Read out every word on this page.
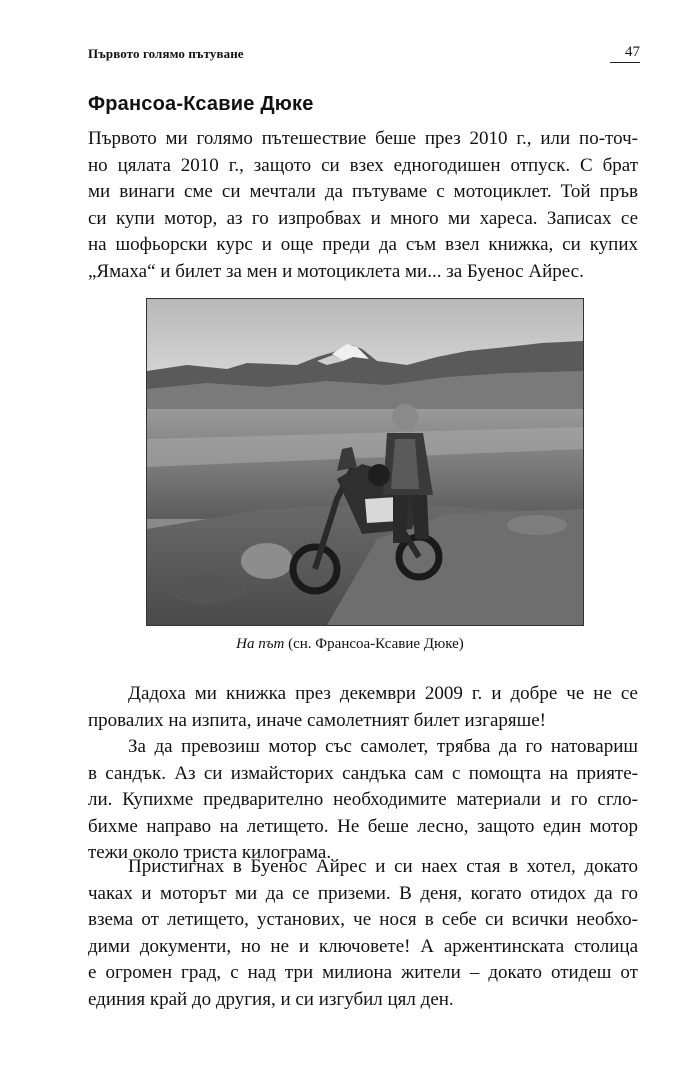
Първото голямо пътуване	47
Франсоа-Ксавие Дюке

Първото ми голямо пътешествие беше през 2010 г., или по-точ-
но цялата 2010 г., защото си взех едногодишен отпуск. С брат
ми винаги сме си мечтали да пътуваме с мотоциклет. Той пръв
си купи мотор, аз го изпробвах и много ми хареса. Записах се
на шофьорски курс и още преди да съм взел книжка, си купих
„Ямаха“ и билет за мен и мотоциклета ми... за Буенос Айрес.

На път (сн. Франсоа-Ксавие Дюке)

Дадоха ми книжка през декември 2009 г. и добре че не се
провалих на изпита, иначе самолетният билет изгаряше!

За да превозиш мотор със самолет, трябва да го натовариш
в сандък. Аз си измайсторих сандъка сам с помощта на прияте-
ли. Купихме предварително необходимите материали и го сгло-
бихме направо на летището. Не беше лесно, защото един мотор
тежи около триста килограма.

Пристигнах в Буенос Айрес и си наех стая в хотел, докато
чаках и моторът ми да се приземи. В деня, когато отидох да го
взема от летището, установих, че нося в себе си всички необхо-
дими документи, но не и ключовете! А аржентинската столица
е огромен град, с над три милиона жители – докато отидеш от
единия край до другия, и си изгубил цял ден.
